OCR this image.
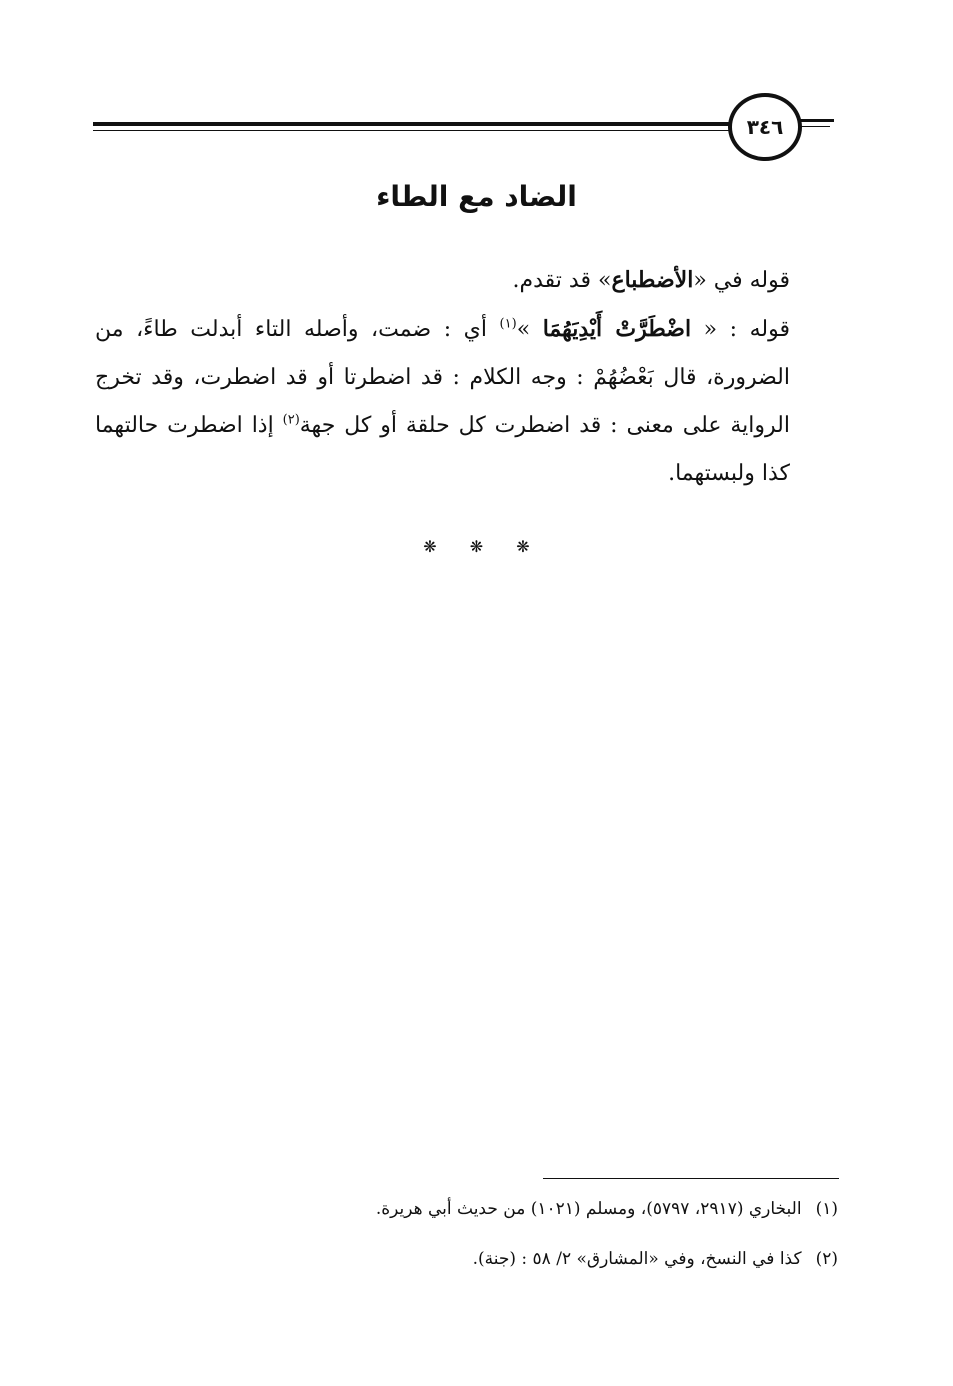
٣٤٦
الضاد مع الطاء

قوله في «الأضطباع» قد تقدم.

قوله : « اضْطَرَّتْ أَيْدِيَهُمَا »$^{(١)}$ أي : ضمت، وأصله التاء أبدلت طاءً، من الضرورة، قال بَعْضُهُمْ : وجه الكلام : قد اضطرتا أو قد اضطرت، وقد تخرج الرواية على معنى : قد اضطرت كل حلقة أو كل جهة$^{(٢)}$ إذا اضطرت حالتهما كذا ولبستهما.

❋ ❋ ❋

(١)البخاري (٢٩١٧، ٥٧٩٧)، ومسلم (١٠٢١) من حديث أبي هريرة.

(٢)كذا في النسخ، وفي «المشارق» ٢/ ٥٨ : (جنة).
